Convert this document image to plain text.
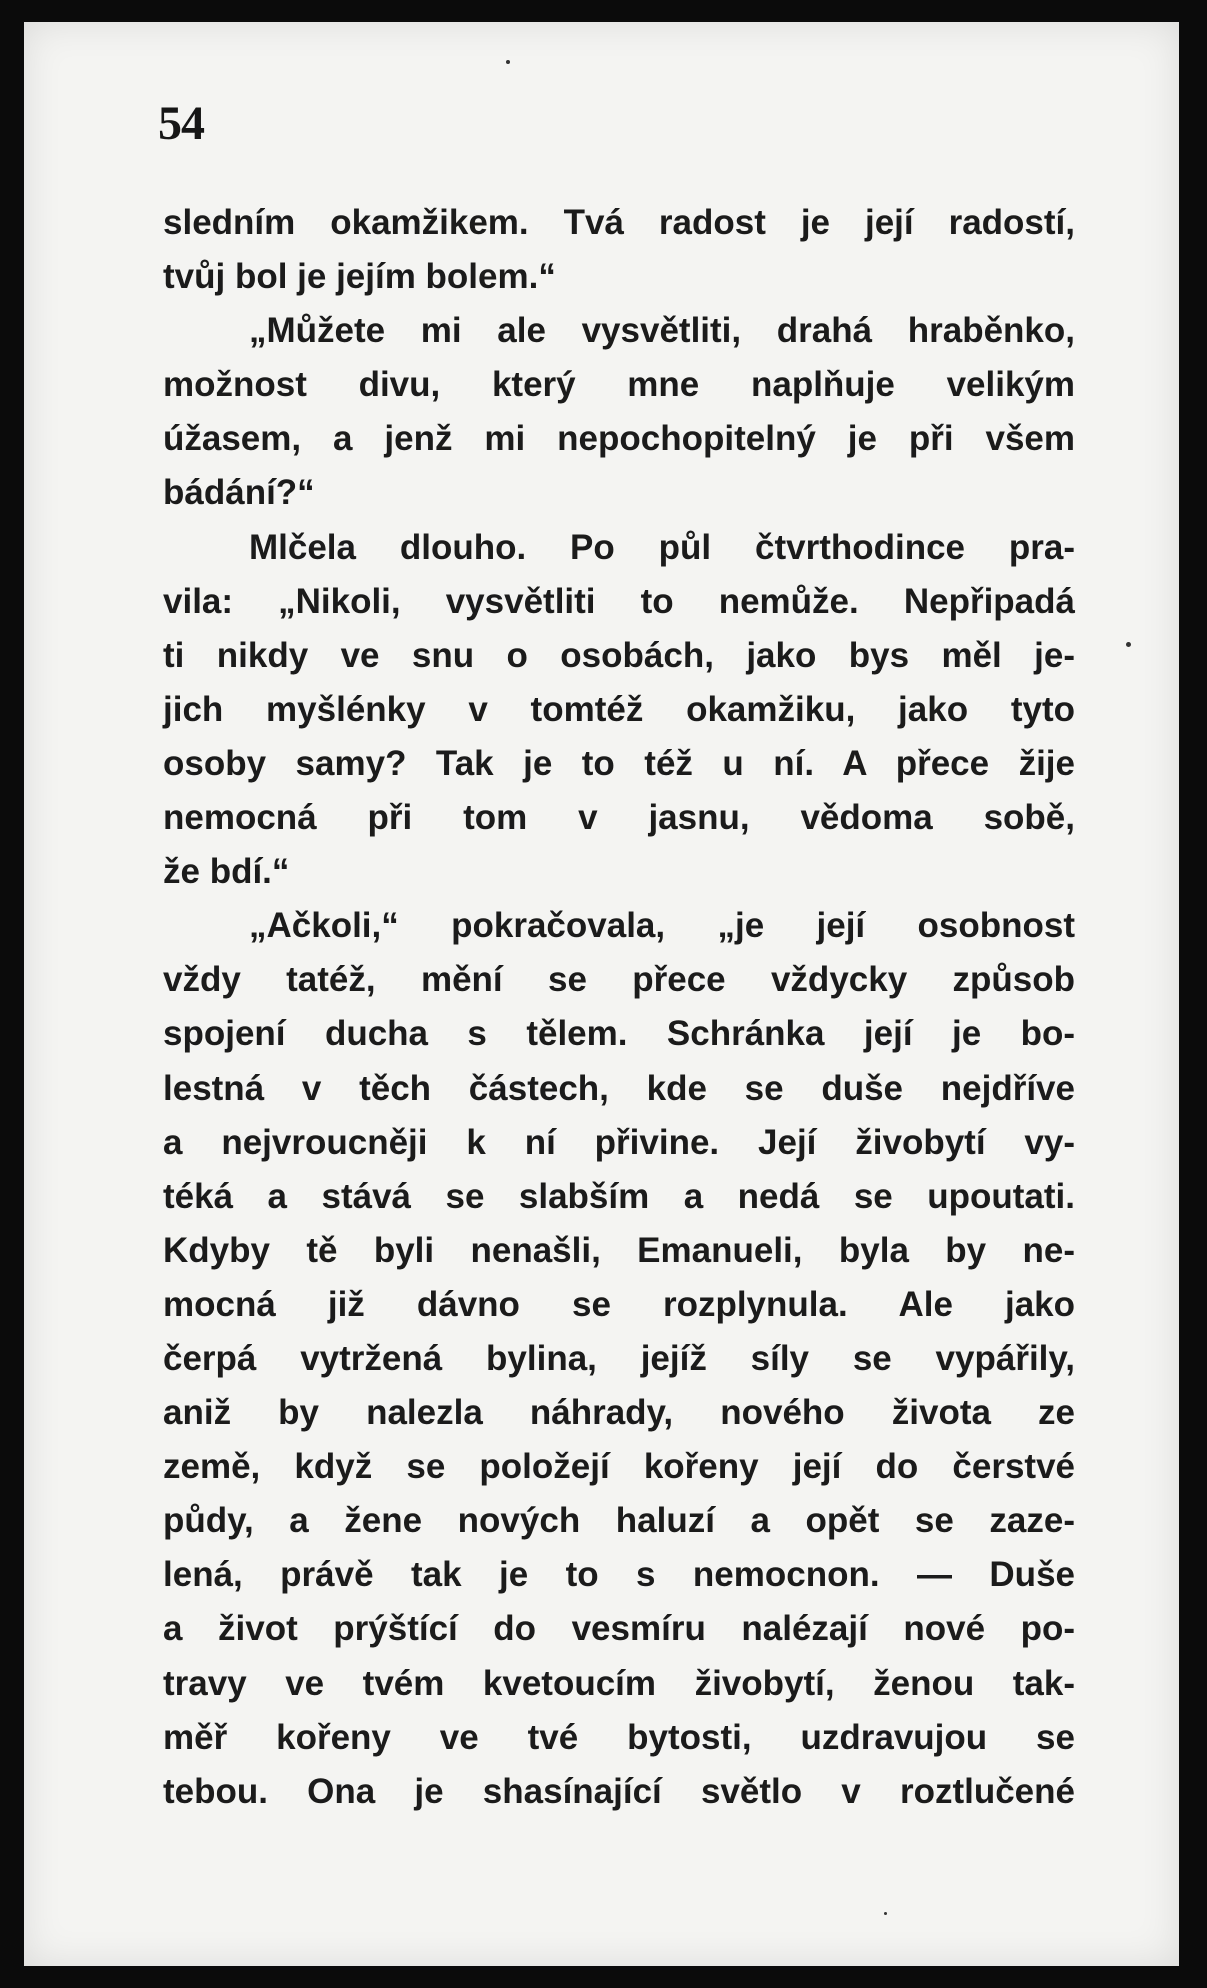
54
sledním okamžikem. Tvá radost je její radostí,
tvůj bol je jejím bolem.“
„Můžete mi ale vysvětliti, drahá hraběnko,
možnost divu, který mne naplňuje velikým
úžasem, a jenž mi nepochopitelný je při všem
bádání?“
Mlčela dlouho. Po půl čtvrthodince pra-
vila: „Nikoli, vysvětliti to nemůže. Nepřipadá
ti nikdy ve snu o osobách, jako bys měl je-
jich myšlénky v tomtéž okamžiku, jako tyto
osoby samy? Tak je to též u ní. A přece žije
nemocná při tom v jasnu, vědoma sobě,
že bdí.“
„Ačkoli,“ pokračovala, „je její osobnost
vždy tatéž, mění se přece vždycky způsob
spojení ducha s tělem. Schránka její je bo-
lestná v těch částech, kde se duše nejdříve
a nejvroucněji k ní přivine. Její živobytí vy-
téká a stává se slabším a nedá se upoutati.
Kdyby tě byli nenašli, Emanueli, byla by ne-
mocná již dávno se rozplynula. Ale jako
čerpá vytržená bylina, jejíž síly se vypářily,
aniž by nalezla náhrady, nového života ze
země, když se položejí kořeny její do čerstvé
půdy, a žene nových haluzí a opět se zaze-
lená, právě tak je to s nemocnon. — Duše
a život prýštící do vesmíru nalézají nové po-
travy ve tvém kvetoucím živobytí, ženou tak-
měř kořeny ve tvé bytosti, uzdravujou se
tebou. Ona je shasínající světlo v roztlučené
